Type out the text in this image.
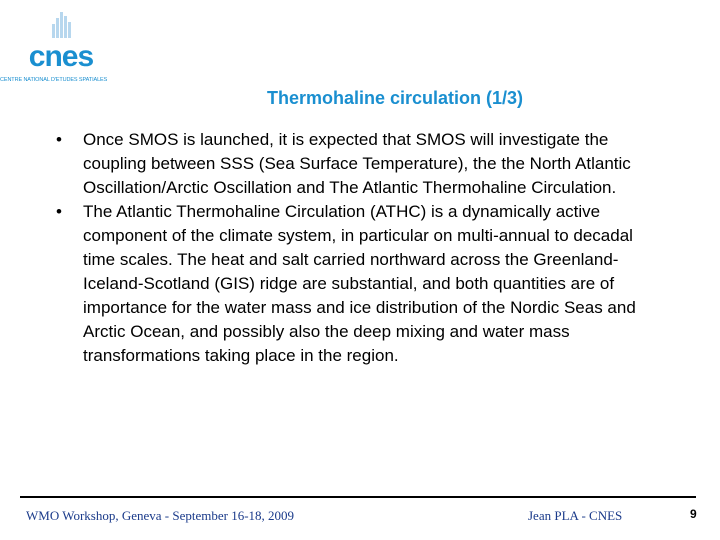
cnes
CENTRE NATIONAL D'ETUDES SPATIALES
Thermohaline circulation (1/3)
• Once SMOS is launched, it is expected that SMOS will investigate the coupling between SSS (Sea Surface Temperature), the the North Atlantic Oscillation/Arctic Oscillation and The Atlantic Thermohaline Circulation.
• The Atlantic Thermohaline Circulation (ATHC) is a dynamically active component of the climate system, in particular on multi-annual to decadal time scales. The heat and salt carried northward across the Greenland-Iceland-Scotland (GIS) ridge are substantial, and both quantities are of importance for the water mass and ice distribution of the Nordic Seas and Arctic Ocean, and possibly also the deep mixing and water mass transformations taking place in the region.
WMO Workshop, Geneva - September 16-18, 2009	Jean PLA - CNES	9
